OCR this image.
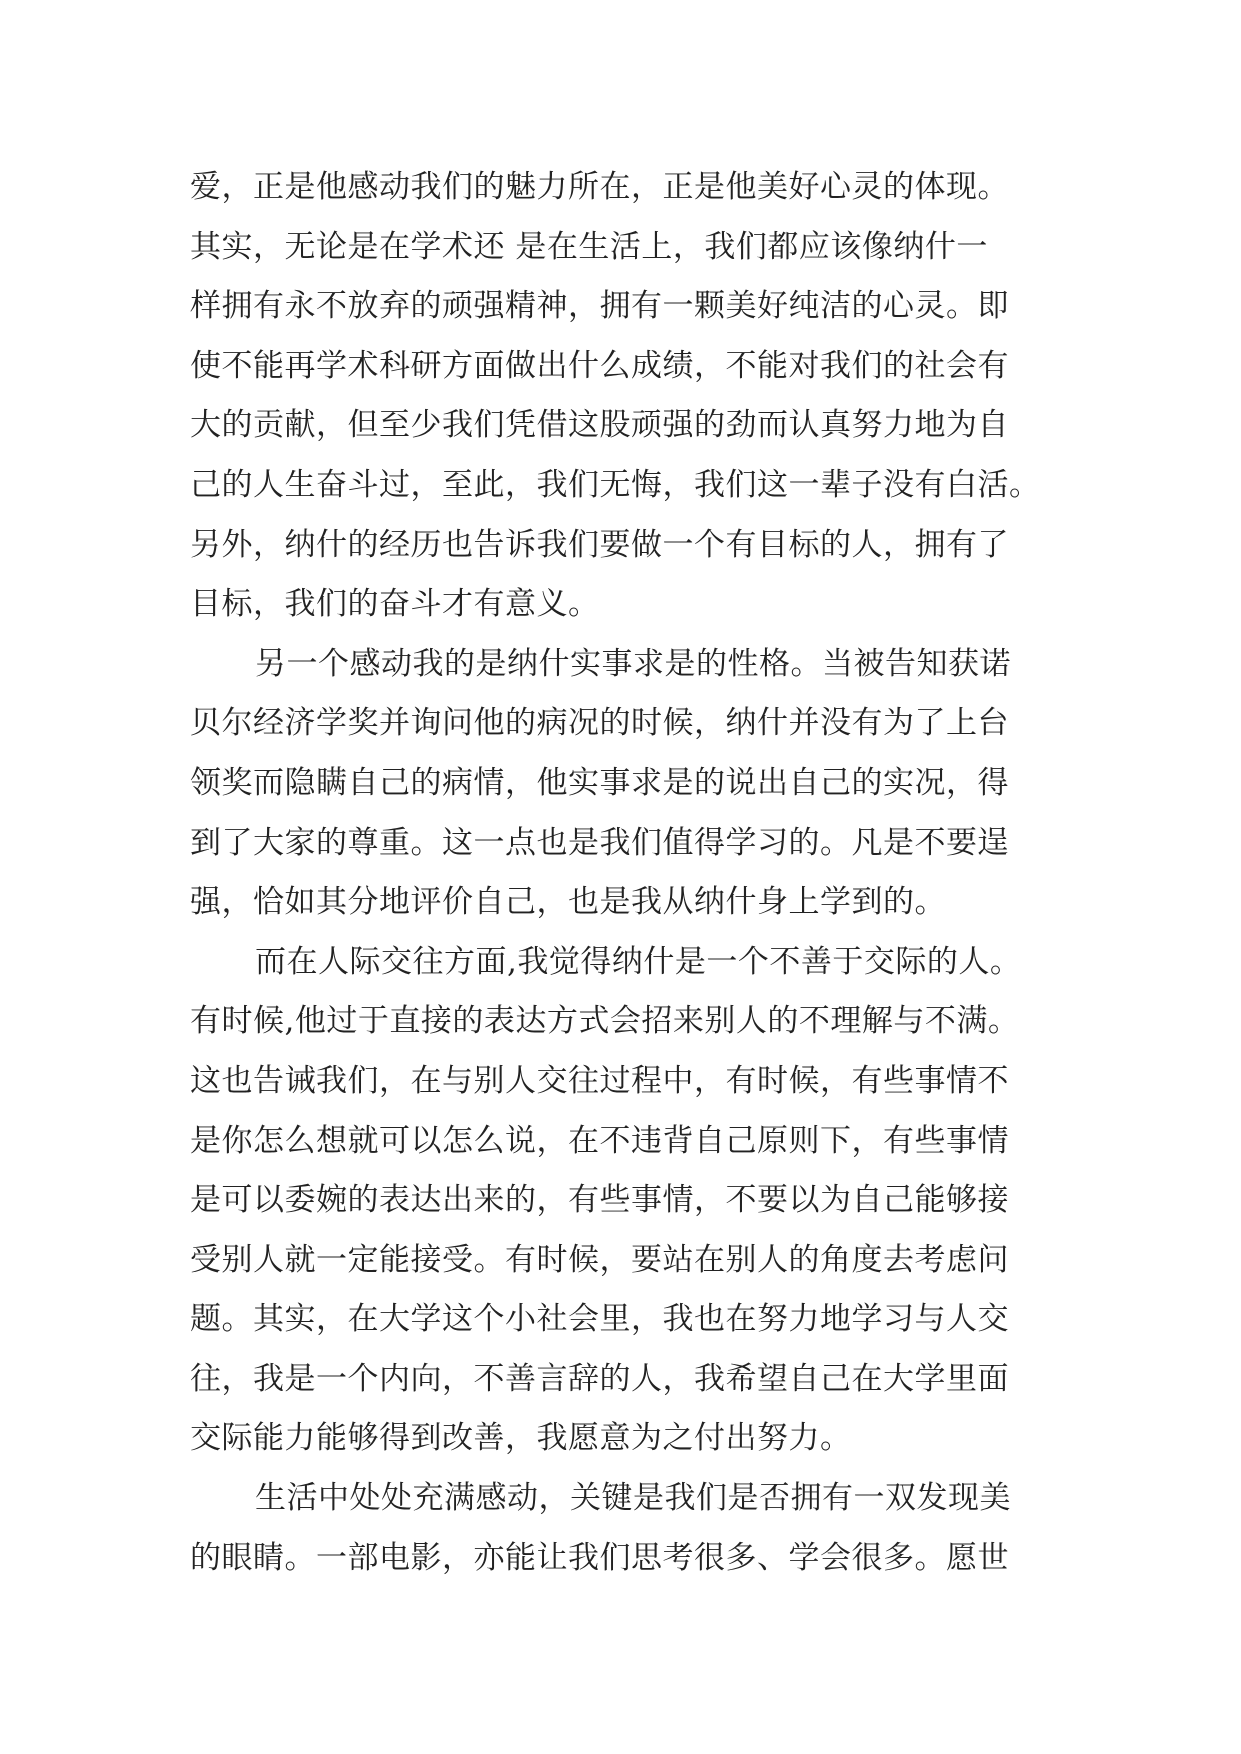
爱，正是他感动我们的魅力所在，正是他美好心灵的体现。
其实，无论是在学术还 是在生活上，我们都应该像纳什一
样拥有永不放弃的顽强精神，拥有一颗美好纯洁的心灵。即
使不能再学术科研方面做出什么成绩，不能对我们的社会有
大的贡献，但至少我们凭借这股顽强的劲而认真努力地为自
己的人生奋斗过，至此，我们无悔，我们这一辈子没有白活。
另外，纳什的经历也告诉我们要做一个有目标的人，拥有了
目标，我们的奋斗才有意义。
另一个感动我的是纳什实事求是的性格。当被告知获诺
贝尔经济学奖并询问他的病况的时候，纳什并没有为了上台
领奖而隐瞒自己的病情，他实事求是的说出自己的实况，得
到了大家的尊重。这一点也是我们值得学习的。凡是不要逞
强，恰如其分地评价自己，也是我从纳什身上学到的。
而在人际交往方面,我觉得纳什是一个不善于交际的人。
有时候,他过于直接的表达方式会招来别人的不理解与不满。
这也告诫我们，在与别人交往过程中，有时候，有些事情不
是你怎么想就可以怎么说，在不违背自己原则下，有些事情
是可以委婉的表达出来的，有些事情，不要以为自己能够接
受别人就一定能接受。有时候，要站在别人的角度去考虑问
题。其实，在大学这个小社会里，我也在努力地学习与人交
往，我是一个内向，不善言辞的人，我希望自己在大学里面
交际能力能够得到改善，我愿意为之付出努力。
生活中处处充满感动，关键是我们是否拥有一双发现美
的眼睛。一部电影，亦能让我们思考很多、学会很多。愿世
